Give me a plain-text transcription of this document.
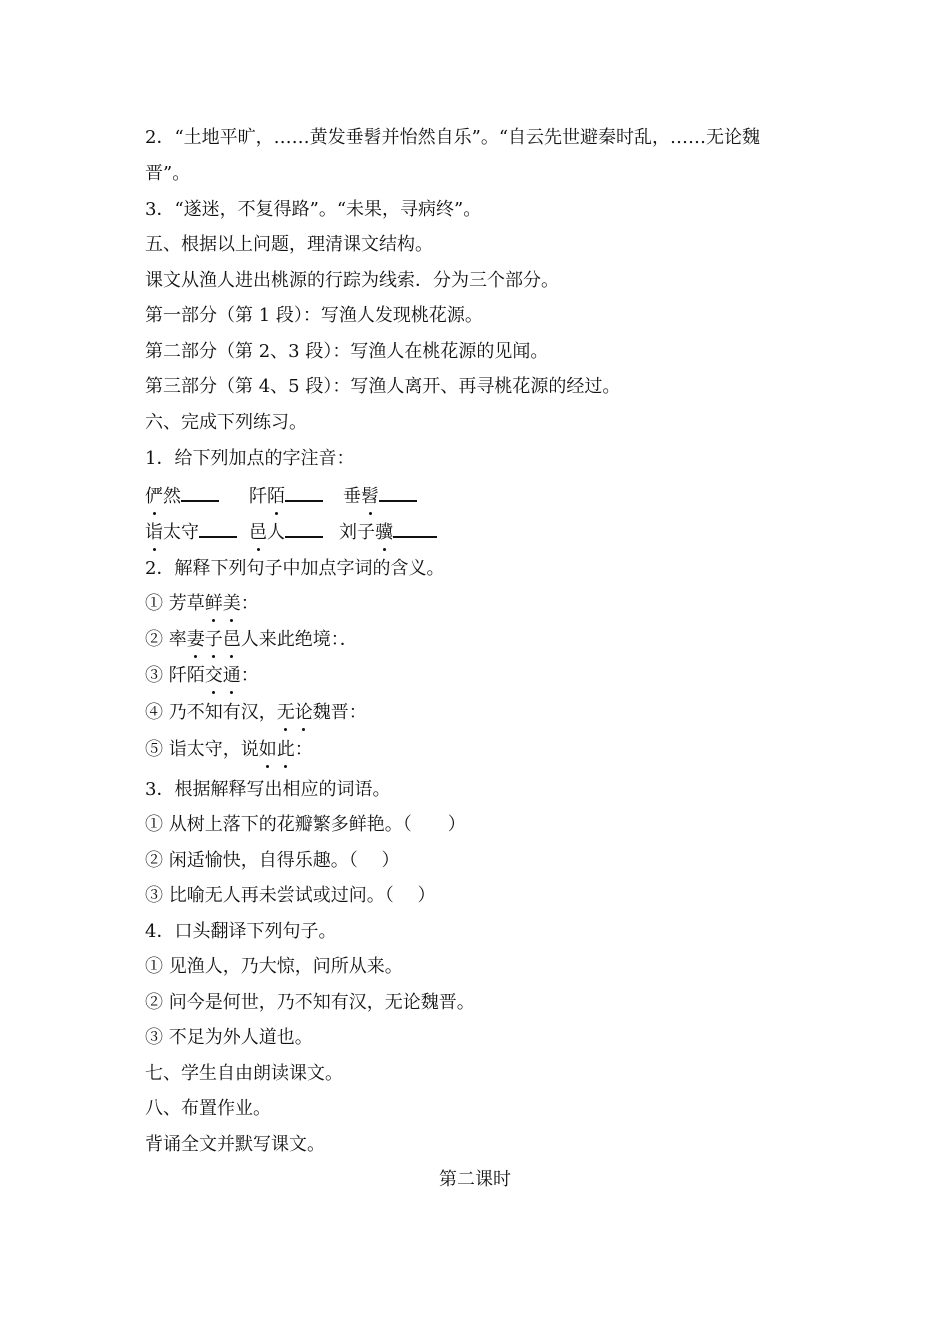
2．“土地平旷，……黄发垂髫并怡然自乐”。“自云先世避秦时乱，……无论魏
晋”。
3．“遂迷，不复得路”。“未果，寻病终”。
五、根据以上问题，理清课文结构。
课文从渔人进出桃源的行踪为线索．分为三个部分。
第一部分（第 1 段）：写渔人发现桃花源。
第二部分（第 2、3 段）：写渔人在桃花源的见闻。
第三部分（第 4、5 段）：写渔人离开、再寻桃花源的经过。
六、完成下列练习。
1．给下列加点的字注音：
俨然	阡陌	垂髫
诣太守	邑人	刘子骥
2．解释下列句子中加点字词的含义。
① 芳草鲜美：
② 率妻子邑人来此绝境：．
③ 阡陌交通：
④ 乃不知有汉，无论魏晋：
⑤ 诣太守，说如此：
3．根据解释写出相应的词语。
① 从树上落下的花瓣繁多鲜艳。（　　）
② 闲适愉快，自得乐趣。（　 ）
③ 比喻无人再未尝试或过问。（　 ）
4．口头翻译下列句子。
① 见渔人，乃大惊，问所从来。
② 问今是何世，乃不知有汉，无论魏晋。
③ 不足为外人道也。
七、学生自由朗读课文。
八、布置作业。
背诵全文并默写课文。
第二课时
